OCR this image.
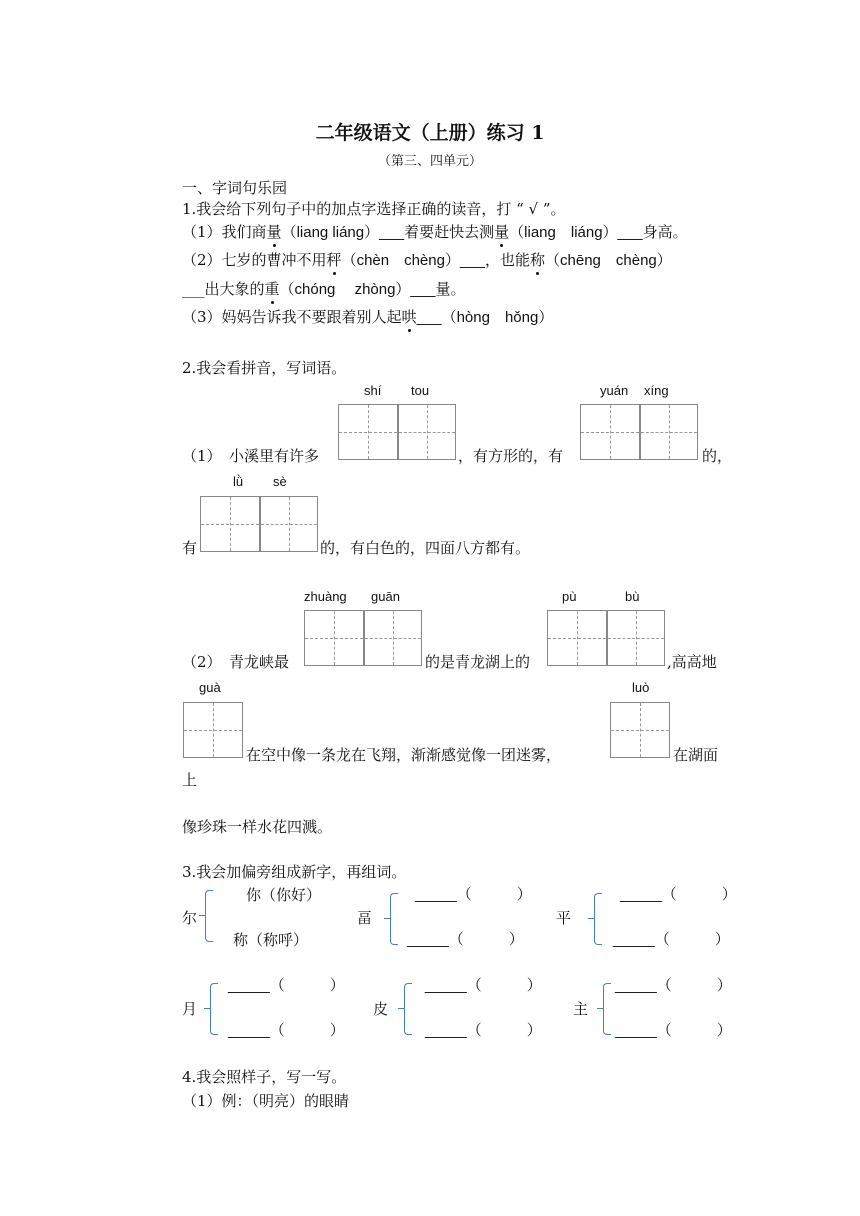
二年级语文（上册）练习 1
（第三、四单元）
一、字词句乐园
1.我会给下列句子中的加点字选择正确的读音，打 “ √ ”。
（1）我们商量（liang liáng）___着要赶快去测量（liang　liáng）___身高。
（2）七岁的曹冲不用秤（chèn　chèng）___，也能称（chēng　chèng）
___出大象的重（chóng　 zhòng）___量。
（3）妈妈告诉我不要跟着别人起哄___（hòng　hǒng）
2.我会看拼音，写词语。
shí tou	yuán xíng
（1）　小溪里有许多	，有方形的，有	的，
lǜ sè
有	的，有白色的，四面八方都有。
zhuàng guān	pù	bù
（2）　青龙峡最	的是青龙湖上的	,高高地
guà	luò
在空中像一条龙在飞翔，渐渐感觉像一团迷雾，	在湖面
上
像珍珠一样水花四溅。
3.我会加偏旁组成新字，再组词。
尔
你（你好）
称（称呼）
畐
_____（　　　）
_____（　　　）
平
_____（　　　）
_____（　　　）
月
_____（　　　）
_____（　　　）
皮
_____（　　　）
_____（　　　）
主
_____（　　　）
_____（　　　）
4.我会照样子，写一写。
（1）例：（明亮）的眼睛
